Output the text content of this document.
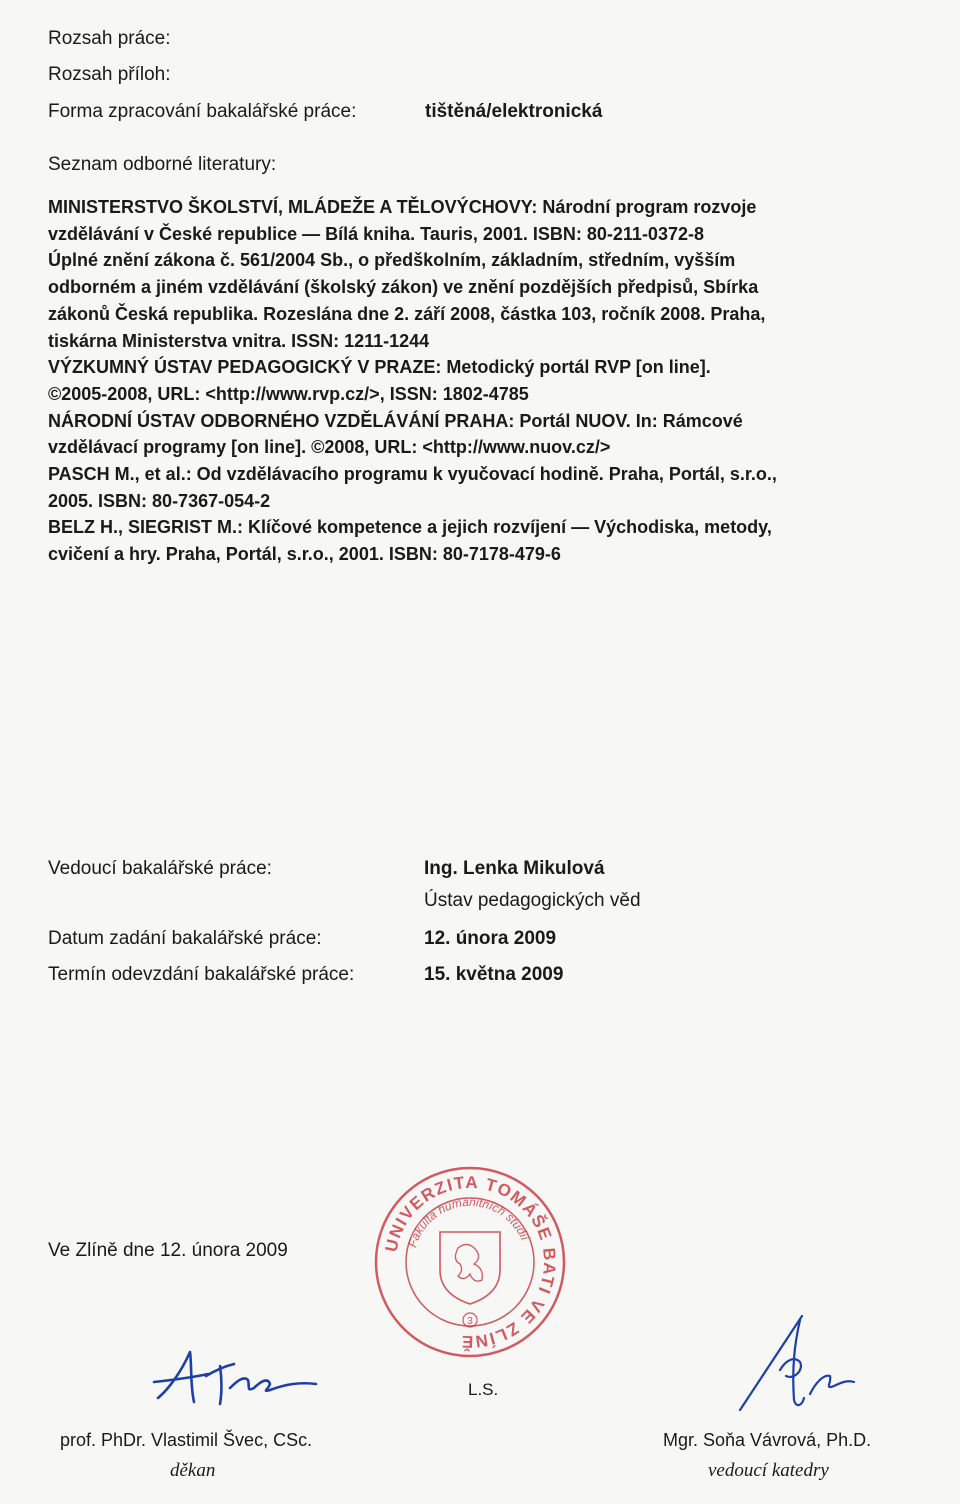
Rozsah práce:
Rozsah příloh:
Forma zpracování bakalářské práce:	tištěná/elektronická
Seznam odborné literatury:
MINISTERSTVO ŠKOLSTVÍ, MLÁDEŽE A TĚLOVÝCHOVY: Národní program rozvoje
vzdělávání v České republice — Bílá kniha. Tauris, 2001. ISBN: 80-211-0372-8
Úplné znění zákona č. 561/2004 Sb., o předškolním, základním, středním, vyšším
odborném a jiném vzdělávání (školský zákon) ve znění pozdějších předpisů, Sbírka
zákonů Česká republika. Rozeslána dne 2. září 2008, částka 103, ročník 2008. Praha,
tiskárna Ministerstva vnitra. ISSN: 1211-1244
VÝZKUMNÝ ÚSTAV PEDAGOGICKÝ V PRAZE: Metodický portál RVP [on line].
©2005-2008, URL: <http://www.rvp.cz/>, ISSN: 1802-4785
NÁRODNÍ ÚSTAV ODBORNÉHO VZDĚLÁVÁNÍ PRAHA: Portál NUOV. In: Rámcové
vzdělávací programy [on line]. ©2008, URL: <http://www.nuov.cz/>
PASCH M., et al.: Od vzdělávacího programu k vyučovací hodině. Praha, Portál, s.r.o.,
2005. ISBN: 80-7367-054-2
BELZ H., SIEGRIST M.: Klíčové kompetence a jejich rozvíjení — Východiska, metody,
cvičení a hry. Praha, Portál, s.r.o., 2001. ISBN: 80-7178-479-6
Vedoucí bakalářské práce:	Ing. Lenka Mikulová
Ústav pedagogických věd
Datum zadání bakalářské práce:	12. února 2009
Termín odevzdání bakalářské práce:	15. května 2009
Ve Zlíně dne 12. února 2009	UNIVERZITA TOMÁŠE BATI VE ZLÍNĚ
Fakulta humanitních studií
3
L.S.
prof. PhDr. Vlastimil Švec, CSc.
děkan
Mgr. Soňa Vávrová, Ph.D.
vedoucí katedry
